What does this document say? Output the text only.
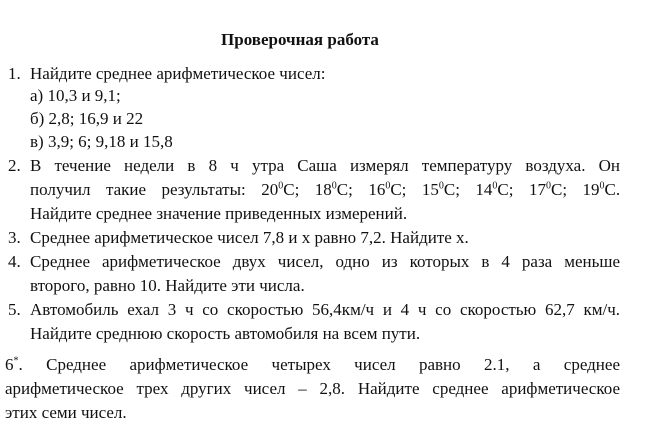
Проверочная работа
1. Найдите среднее арифметическое чисел:
а) 10,3 и 9,1;
б) 2,8; 16,9 и 22
в) 3,9; 6; 9,18 и 15,8
2. В течение недели в 8 ч утра Саша измерял температуру воздуха. Он
получил такие результаты: $20^0C$; $18^0C$; $16^0C$; $15^0C$; $14^0C$; $17^0C$; $19^0C$.
Найдите среднее значение приведенных измерений.
3. Среднее арифметическое чисел 7,8 и x равно 7,2. Найдите x.
4. Среднее арифметическое двух чисел, одно из которых в 4 раза меньше
второго, равно 10. Найдите эти числа.
5. Автомобиль ехал 3 ч со скоростью 56,4км/ч и 4 ч со скоростью 62,7 км/ч.
Найдите среднюю скорость автомобиля на всем пути.
6*. Среднее арифметическое четырех чисел равно 2.1, а среднее
арифметическое трех других чисел – 2,8. Найдите среднее арифметическое
этих семи чисел.
